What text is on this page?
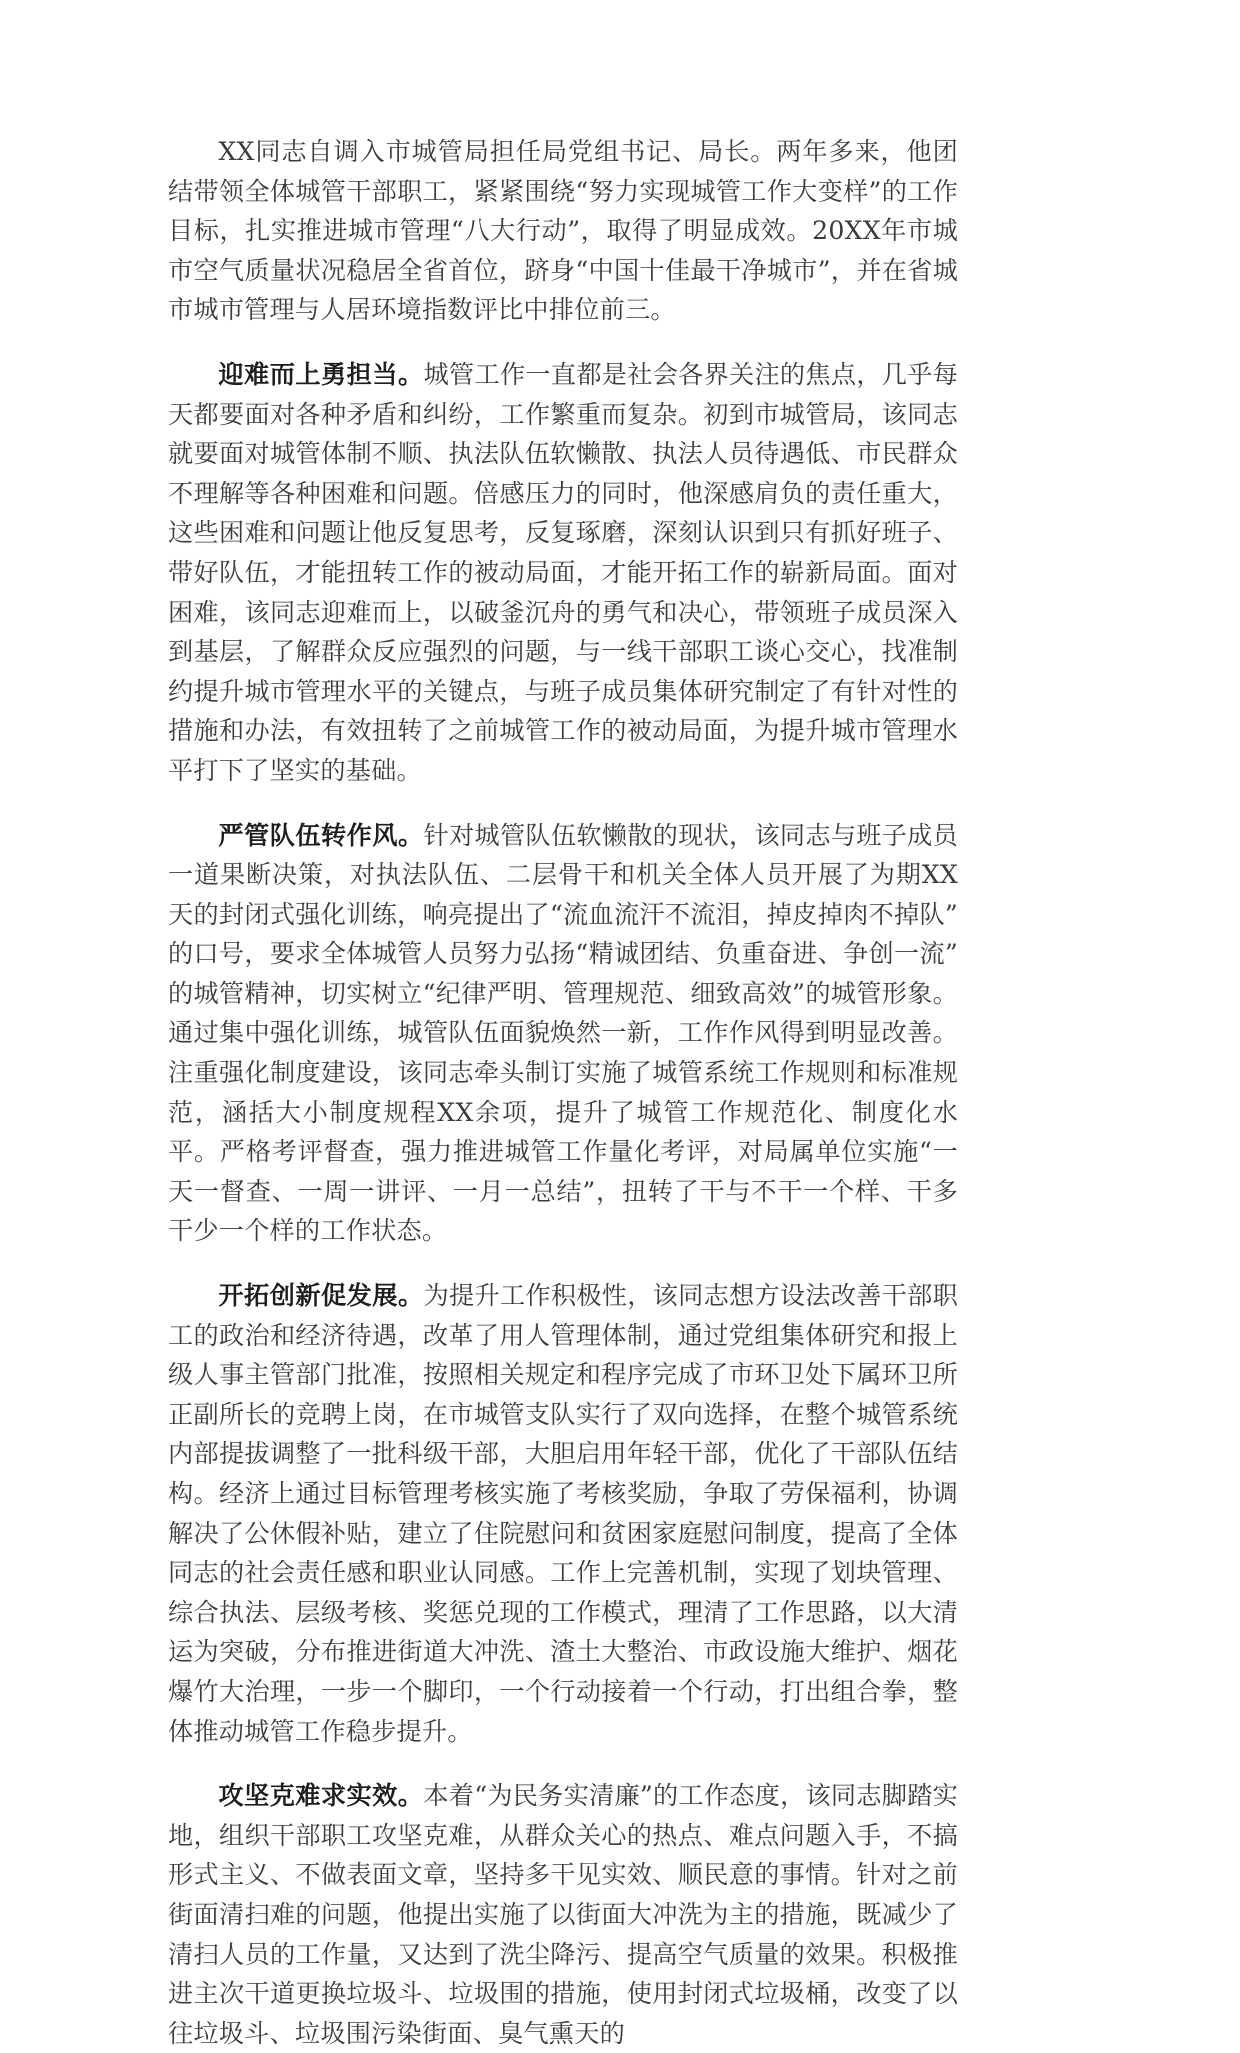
XX同志自调入市城管局担任局党组书记、局长。两年多来，他团结带领全体城管干部职工，紧紧围绕“努力实现城管工作大变样”的工作目标，扎实推进城市管理“八大行动”，取得了明显成效。20XX年市城市空气质量状况稳居全省首位，跻身“中国十佳最干净城市”，并在省城市城市管理与人居环境指数评比中排位前三。

迎难而上勇担当。城管工作一直都是社会各界关注的焦点，几乎每天都要面对各种矛盾和纠纷，工作繁重而复杂。初到市城管局，该同志就要面对城管体制不顺、执法队伍软懒散、执法人员待遇低、市民群众不理解等各种困难和问题。倍感压力的同时，他深感肩负的责任重大，这些困难和问题让他反复思考，反复琢磨，深刻认识到只有抓好班子、带好队伍，才能扭转工作的被动局面，才能开拓工作的崭新局面。面对困难，该同志迎难而上，以破釜沉舟的勇气和决心，带领班子成员深入到基层，了解群众反应强烈的问题，与一线干部职工谈心交心，找准制约提升城市管理水平的关键点，与班子成员集体研究制定了有针对性的措施和办法，有效扭转了之前城管工作的被动局面，为提升城市管理水平打下了坚实的基础。

严管队伍转作风。针对城管队伍软懒散的现状，该同志与班子成员一道果断决策，对执法队伍、二层骨干和机关全体人员开展了为期XX天的封闭式强化训练，响亮提出了“流血流汗不流泪，掉皮掉肉不掉队”的口号，要求全体城管人员努力弘扬“精诚团结、负重奋进、争创一流”的城管精神，切实树立“纪律严明、管理规范、细致高效”的城管形象。通过集中强化训练，城管队伍面貌焕然一新，工作作风得到明显改善。注重强化制度建设，该同志牵头制订实施了城管系统工作规则和标准规范，涵括大小制度规程XX余项，提升了城管工作规范化、制度化水平。严格考评督查，强力推进城管工作量化考评，对局属单位实施“一天一督查、一周一讲评、一月一总结”，扭转了干与不干一个样、干多干少一个样的工作状态。

开拓创新促发展。为提升工作积极性，该同志想方设法改善干部职工的政治和经济待遇，改革了用人管理体制，通过党组集体研究和报上级人事主管部门批准，按照相关规定和程序完成了市环卫处下属环卫所正副所长的竞聘上岗，在市城管支队实行了双向选择，在整个城管系统内部提拔调整了一批科级干部，大胆启用年轻干部，优化了干部队伍结构。经济上通过目标管理考核实施了考核奖励，争取了劳保福利，协调解决了公休假补贴，建立了住院慰问和贫困家庭慰问制度，提高了全体同志的社会责任感和职业认同感。工作上完善机制，实现了划块管理、综合执法、层级考核、奖惩兑现的工作模式，理清了工作思路，以大清运为突破，分布推进街道大冲洗、渣土大整治、市政设施大维护、烟花爆竹大治理，一步一个脚印，一个行动接着一个行动，打出组合拳，整体推动城管工作稳步提升。

攻坚克难求实效。本着“为民务实清廉”的工作态度，该同志脚踏实地，组织干部职工攻坚克难，从群众关心的热点、难点问题入手，不搞形式主义、不做表面文章，坚持多干见实效、顺民意的事情。针对之前街面清扫难的问题，他提出实施了以街面大冲洗为主的措施，既减少了清扫人员的工作量，又达到了洗尘降污、提高空气质量的效果。积极推进主次干道更换垃圾斗、垃圾围的措施，使用封闭式垃圾桶，改变了以往垃圾斗、垃圾围污染街面、臭气熏天的
